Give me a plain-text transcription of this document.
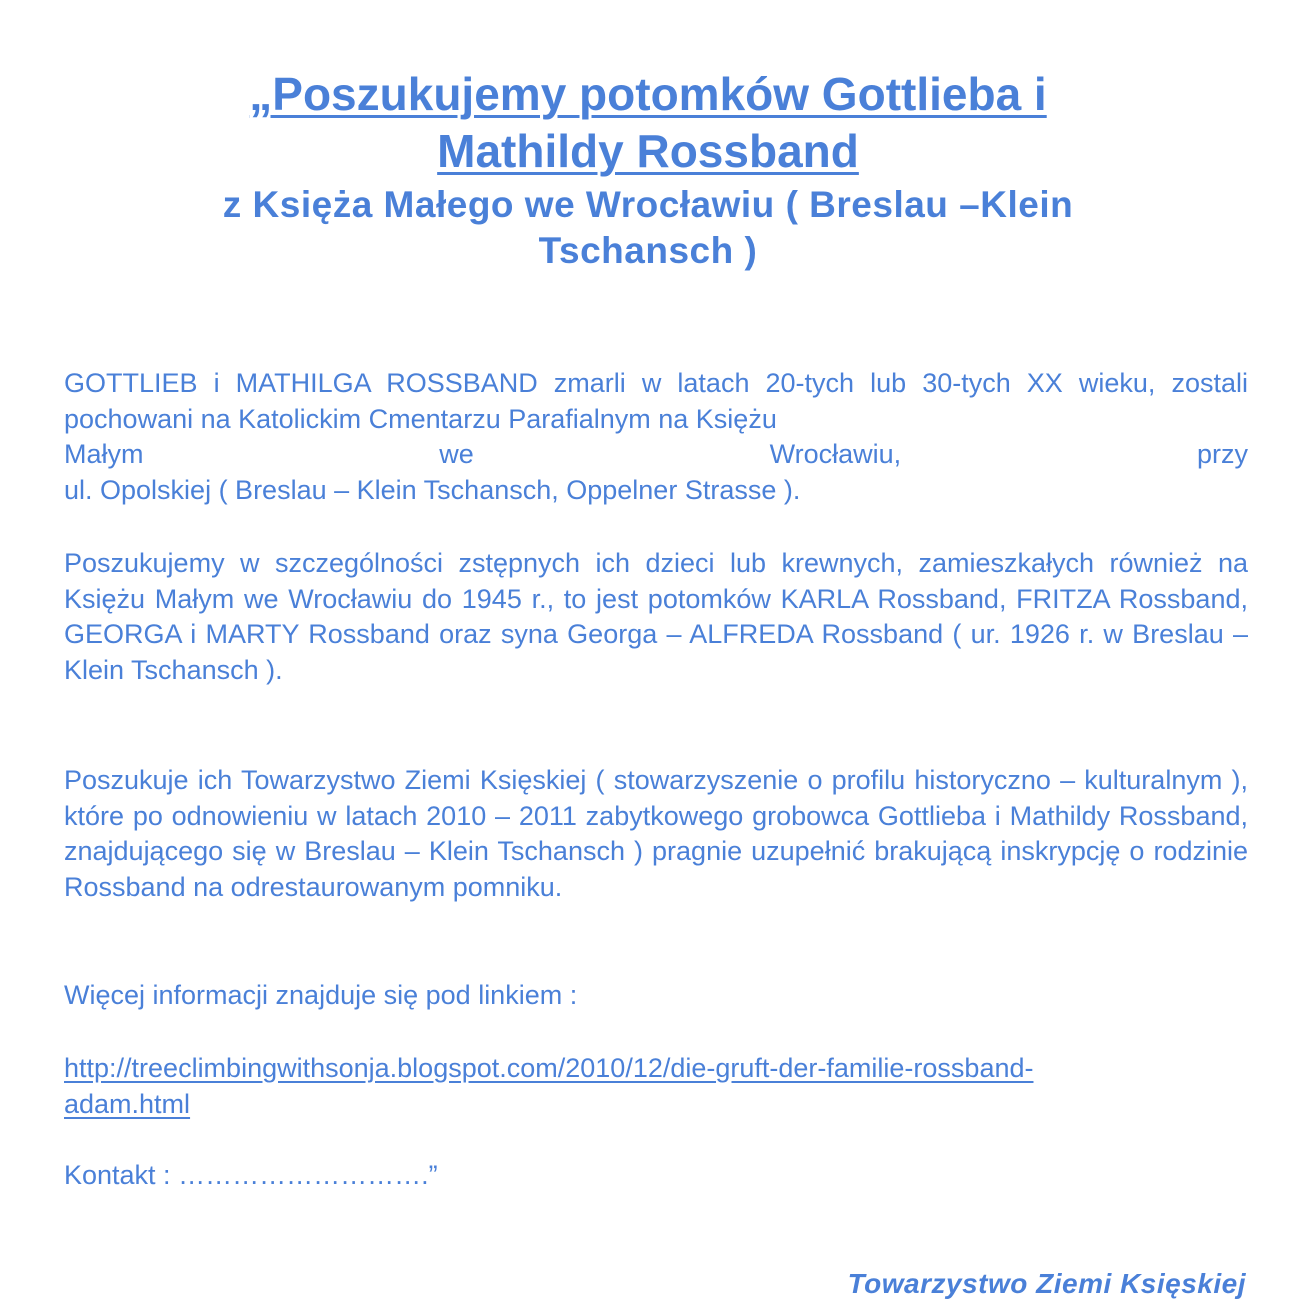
„Poszukujemy potomków Gottlieba i
Mathildy Rossband
z Księża Małego we Wrocławiu ( Breslau –Klein
Tschansch )
GOTTLIEB i MATHILGA ROSSBAND zmarli w latach 20-tych lub 30-tych XX wieku, zostali pochowani na Katolickim Cmentarzu Parafialnym na Księżu
Małym	we	Wrocławiu,	przy
ul. Opolskiej ( Breslau – Klein Tschansch, Oppelner Strasse ).

Poszukujemy w szczególności zstępnych ich dzieci lub krewnych, zamieszkałych również na Księżu Małym we Wrocławiu do 1945 r., to jest potomków KARLA Rossband, FRITZA Rossband, GEORGA i MARTY Rossband oraz syna Georga – ALFREDA Rossband ( ur. 1926 r. w Breslau – Klein Tschansch ).

Poszukuje ich Towarzystwo Ziemi Księskiej ( stowarzyszenie o profilu historyczno – kulturalnym ), które po odnowieniu w latach 2010 – 2011 zabytkowego grobowca Gottlieba i Mathildy Rossband, znajdującego się w Breslau – Klein Tschansch ) pragnie uzupełnić brakującą inskrypcję o rodzinie Rossband na odrestaurowanym pomniku.

Więcej informacji znajduje się pod linkiem :

http://treeclimbingwithsonja.blogspot.com/2010/12/die-gruft-der-familie-rossband-
adam.html
Kontakt : ……………………….”
Towarzystwo Ziemi Księskiej
